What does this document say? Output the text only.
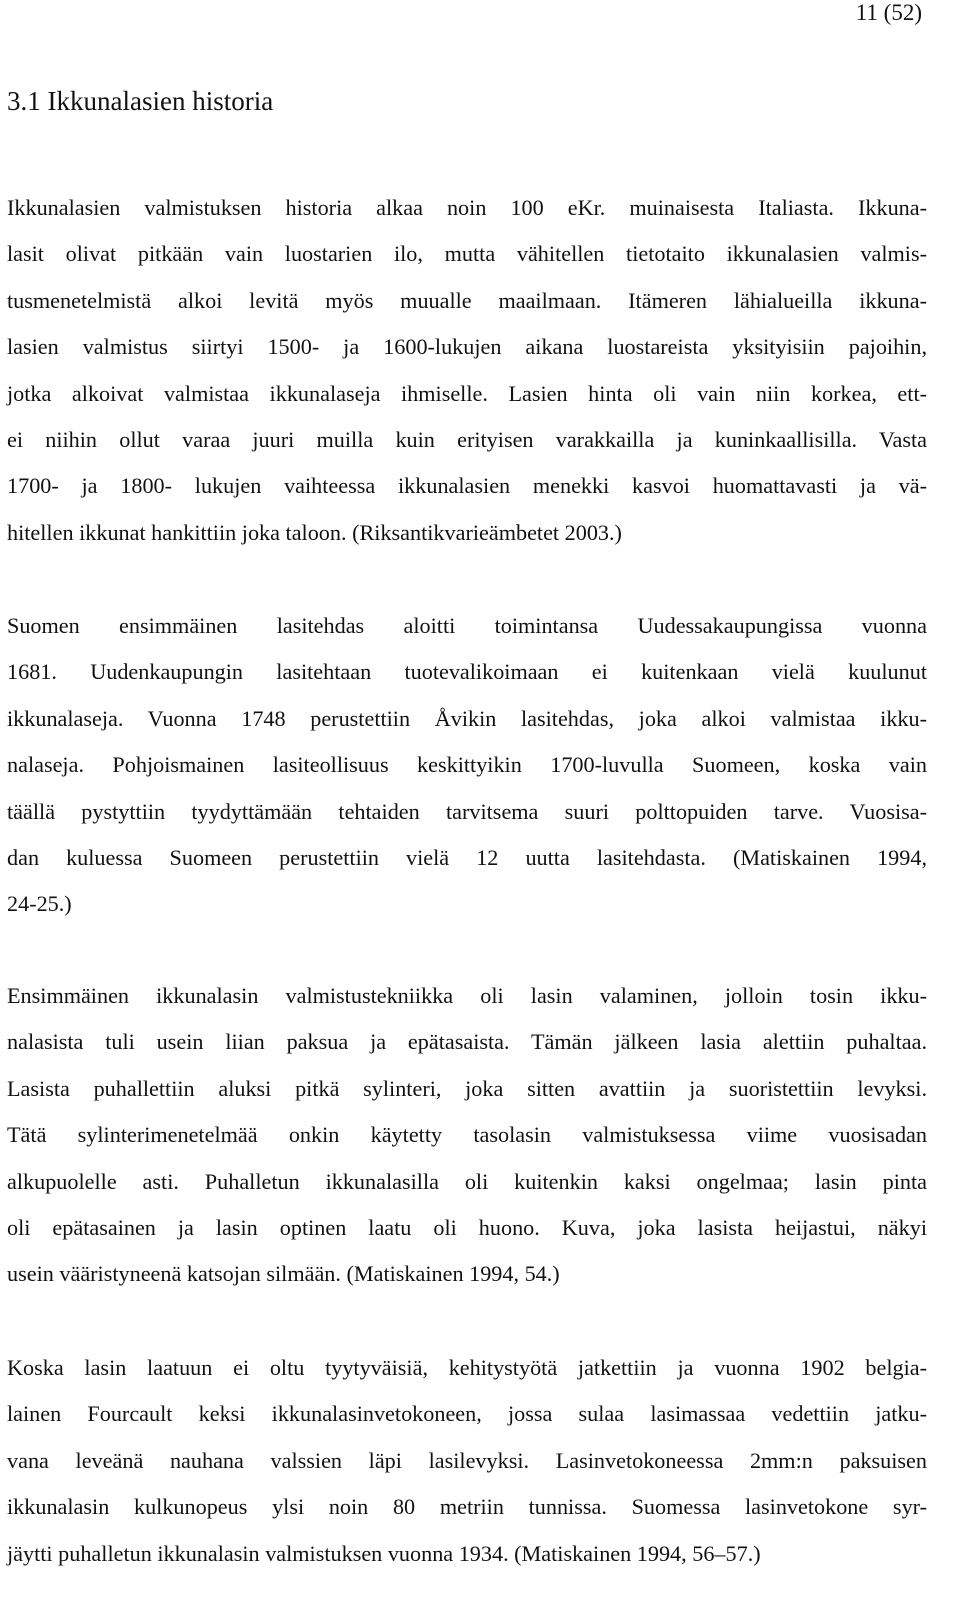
11 (52)
3.1 Ikkunalasien historia

Ikkunalasien valmistuksen historia alkaa noin 100 eKr. muinaisesta Italiasta. Ikkuna-
lasit olivat pitkään vain luostarien ilo, mutta vähitellen tietotaito ikkunalasien valmis-
tusmenetelmistä alkoi levitä myös muualle maailmaan. Itämeren lähialueilla ikkuna-
lasien valmistus siirtyi 1500- ja 1600-lukujen aikana luostareista yksityisiin pajoihin,
jotka alkoivat valmistaa ikkunalaseja ihmiselle. Lasien hinta oli vain niin korkea, ett-
ei niihin ollut varaa juuri muilla kuin erityisen varakkailla ja kuninkaallisilla. Vasta
1700- ja 1800- lukujen vaihteessa ikkunalasien menekki kasvoi huomattavasti ja vä-
hitellen ikkunat hankittiin joka taloon. (Riksantikvarieämbetet 2003.)

Suomen ensimmäinen lasitehdas aloitti toimintansa Uudessakaupungissa vuonna
1681. Uudenkaupungin lasitehtaan tuotevalikoimaan ei kuitenkaan vielä kuulunut
ikkunalaseja. Vuonna 1748 perustettiin Åvikin lasitehdas, joka alkoi valmistaa ikku-
nalaseja. Pohjoismainen lasiteollisuus keskittyikin 1700-luvulla Suomeen, koska vain
täällä pystyttiin tyydyttämään tehtaiden tarvitsema suuri polttopuiden tarve. Vuosisa-
dan kuluessa Suomeen perustettiin vielä 12 uutta lasitehdasta. (Matiskainen 1994,
24-25.)

Ensimmäinen ikkunalasin valmistustekniikka oli lasin valaminen, jolloin tosin ikku-
nalasista tuli usein liian paksua ja epätasaista. Tämän jälkeen lasia alettiin puhaltaa.
Lasista puhallettiin aluksi pitkä sylinteri, joka sitten avattiin ja suoristettiin levyksi.
Tätä sylinterimenetelmää onkin käytetty tasolasin valmistuksessa viime vuosisadan
alkupuolelle asti. Puhalletun ikkunalasilla oli kuitenkin kaksi ongelmaa; lasin pinta
oli epätasainen ja lasin optinen laatu oli huono. Kuva, joka lasista heijastui, näkyi
usein vääristyneenä katsojan silmään. (Matiskainen 1994, 54.)

Koska lasin laatuun ei oltu tyytyväisiä, kehitystyötä jatkettiin ja vuonna 1902 belgia-
lainen Fourcault keksi ikkunalasinvetokoneen, jossa sulaa lasimassaa vedettiin jatku-
vana leveänä nauhana valssien läpi lasilevyksi. Lasinvetokoneessa 2mm:n paksuisen
ikkunalasin kulkunopeus ylsi noin 80 metriin tunnissa. Suomessa lasinvetokone syr-
jäytti puhalletun ikkunalasin valmistuksen vuonna 1934. (Matiskainen 1994, 56–57.)
